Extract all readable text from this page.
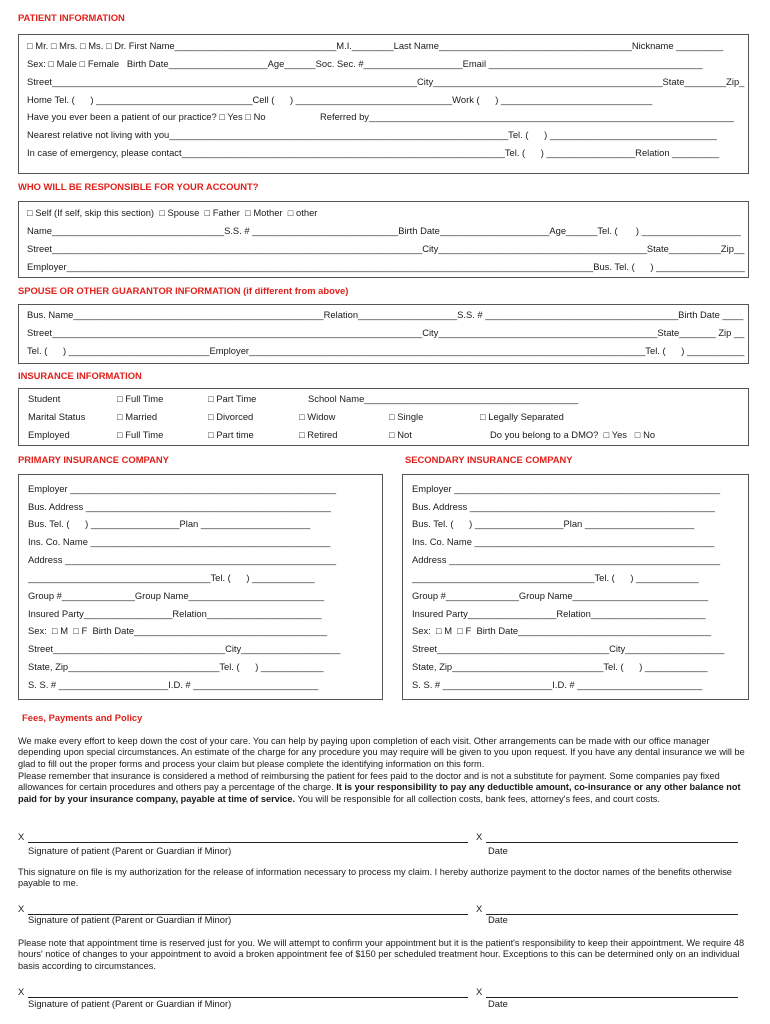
PATIENT INFORMATION
□ Mr. □ Mrs. □ Ms. □ Dr. First Name_______________________________M.I.________Last Name_____________________________________Nickname _________
Sex: □ Male □ Female   Birth Date___________________Age______Soc. Sec. #___________________Email _________________________________________
Street______________________________________________________________________City____________________________________________State________Zip_
Home Tel. (      ) ______________________________Cell (      ) ______________________________Work (      ) _____________________________
Have you ever been a patient of our practice? □ Yes □ No	Referred by______________________________________________________________________
Nearest relative not living with you_________________________________________________________________Tel. (      ) ________________________________
In case of emergency, please contact______________________________________________________________Tel. (      ) _________________Relation _________
WHO WILL BE RESPONSIBLE FOR YOUR ACCOUNT?
□ Self (If self, skip this section)  □ Spouse  □ Father  □ Mother  □ other
Name_________________________________S.S. # ____________________________Birth Date_____________________Age______Tel. (       ) ___________________
Street_______________________________________________________________________City________________________________________State__________Zip__
Employer_____________________________________________________________________________________________________Bus. Tel. (      ) _________________
SPOUSE OR OTHER GUARANTOR INFORMATION (if different from above)
Bus. Name________________________________________________Relation___________________S.S. # _____________________________________Birth Date ____
Street_______________________________________________________________________City__________________________________________State_______ Zip __
Tel. (      ) ___________________________Employer____________________________________________________________________________Tel. (      ) ___________
INSURANCE INFORMATION
Student	□ Full Time	□ Part Time	School Name_________________________________________
Marital Status	□ Married	□ Divorced	□ Widow	□ Single	□ Legally Separated
Employed	□ Full Time	□ Part time	□ Retired	□ Not	Do you belong to a DMO?  □ Yes   □ No
PRIMARY INSURANCE COMPANY	SECONDARY INSURANCE COMPANY
Employer ___________________________________________________
Bus. Address _______________________________________________
Bus. Tel. (      ) _________________Plan _____________________
Ins. Co. Name ______________________________________________
Address ____________________________________________________
___________________________________Tel. (      ) ____________
Group #______________Group Name__________________________
Insured Party_________________Relation______________________
Sex:  □ M  □ F  Birth Date_____________________________________
Street_________________________________City___________________
State, Zip_____________________________Tel. (      ) ____________
S. S. # _____________________I.D. # ________________________
Employer ___________________________________________________
Bus. Address _______________________________________________
Bus. Tel. (      ) _________________Plan _____________________
Ins. Co. Name ______________________________________________
Address ____________________________________________________
___________________________________Tel. (      ) ____________
Group #______________Group Name__________________________
Insured Party_________________Relation______________________
Sex:  □ M  □ F  Birth Date_____________________________________
Street_________________________________City___________________
State, Zip_____________________________Tel. (      ) ____________
S. S. # _____________________I.D. # ________________________
Fees, Payments and Policy
We make every effort to keep down the cost of your care. You can help by paying upon completion of each visit. Other arrangements can be made with our office manager depending upon special circumstances. An estimate of the charge for any procedure you may require will be given to you upon request. If you have any dental insurance we will be glad to fill out the proper forms and process your claim but please complete the identifying information on this form.
Please remember that insurance is considered a method of reimbursing the patient for fees paid to the doctor and is not a substitute for payment. Some companies pay fixed allowances for certain procedures and others pay a percentage of the charge. It is your responsibility to pay any deductible amount, co-insurance or any other balance not paid for by your insurance company, payable at time of service. You will be responsible for all collection costs, bank fees, attorney's fees, and court costs.
X	X
Signature of patient (Parent or Guardian if Minor)	Date
This signature on file is my authorization for the release of information necessary to process my claim. I hereby authorize payment to the doctor names of the benefits otherwise payable to me.
X	X
Signature of patient (Parent or Guardian if Minor)	Date
Please note that appointment time is reserved just for you. We will attempt to confirm your appointment but it is the patient's responsibility to keep their appointment. We require 48 hours' notice of changes to your appointment to avoid a broken appointment fee of $150 per scheduled treatment hour. Exceptions to this can be determined only on an individual basis according to circumstances.
X	X
Signature of patient (Parent or Guardian if Minor)	Date
